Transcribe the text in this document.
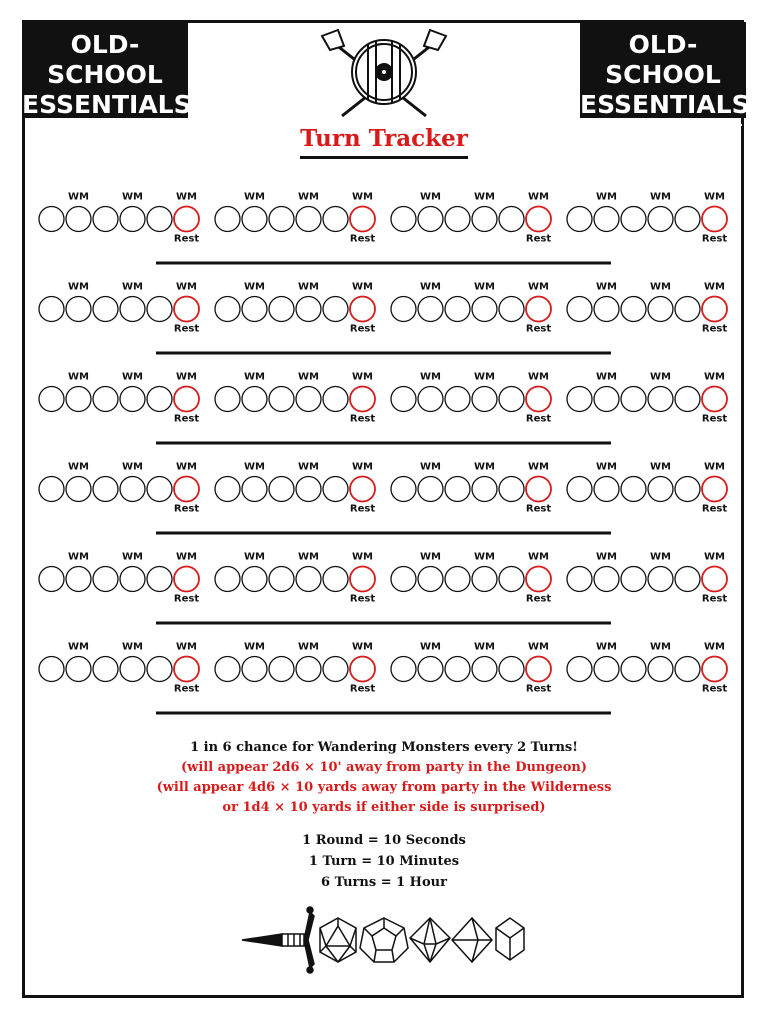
OLD-SCHOOL
ESSENTIALS
RETRO ADVENTURE GAME
OLD-SCHOOL
ESSENTIALS
RETRO ADVENTURE GAME
Turn Tracker
WM	WM	WM
Rest
WM	WM	WM
Rest
WM	WM	WM
Rest
WM	WM	WM
Rest
WM	WM	WM
Rest
WM	WM	WM
Rest
WM	WM	WM
Rest
WM	WM	WM
Rest
WM	WM	WM
Rest
WM	WM	WM
Rest
WM	WM	WM
Rest
WM	WM	WM
Rest
WM	WM	WM
Rest
WM	WM	WM
Rest
WM	WM	WM
Rest
WM	WM	WM
Rest
WM	WM	WM
Rest
WM	WM	WM
Rest
WM	WM	WM
Rest
WM	WM	WM
Rest
WM	WM	WM
Rest
WM	WM	WM
Rest
WM	WM	WM
Rest
WM	WM	WM
Rest
1 in 6 chance for Wandering Monsters every 2 Turns!
(will appear 2d6 × 10' away from party in the Dungeon)
(will appear 4d6 × 10 yards away from party in the Wilderness
or 1d4 × 10 yards if either side is surprised)
1 Round = 10 Seconds
1 Turn = 10 Minutes
6 Turns = 1 Hour
